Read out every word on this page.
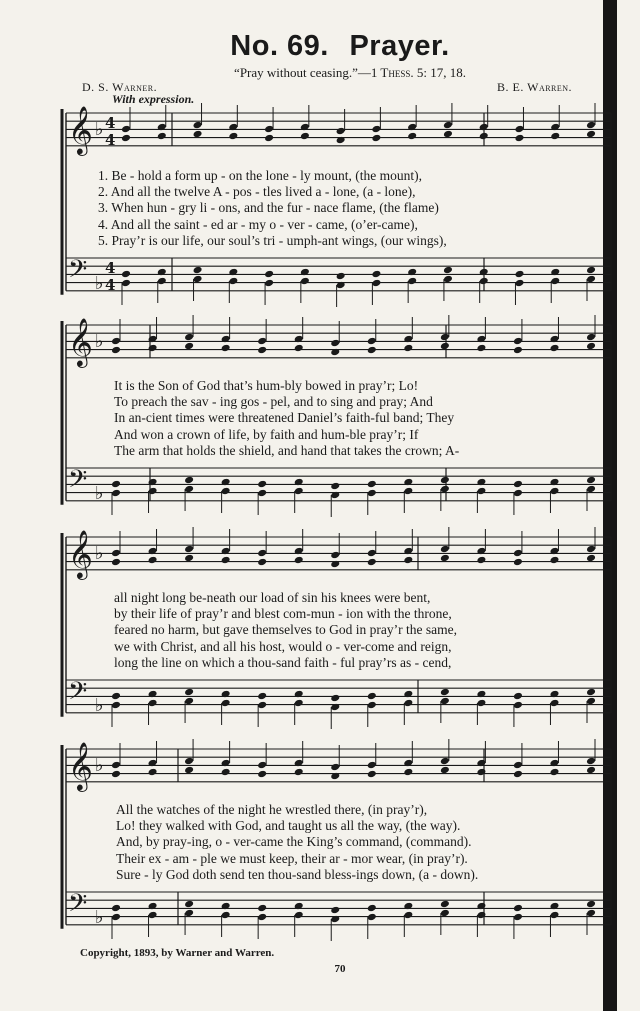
No. 69. Prayer.
“Pray without ceasing.”—1 Thess. 5: 17, 18.
D. S. Warner.	B. E. Warren.
With expression.
𝄞 ♭ 4
4
𝄢 ♭
4
4
1. Be - hold a form up - on the lone - ly mount, (the mount),
2. And all the twelve A - pos - tles lived a - lone, (a - lone),
3. When hun - gry li - ons, and the fur - nace flame, (the flame)
4. And all the saint - ed ar - my o - ver - came, (o’er-came),
5. Pray’r is our life, our soul’s tri - umph-ant wings, (our wings),
𝄞 ♭
𝄢 ♭
It is the Son of God that’s hum-bly bowed in pray’r; Lo!
To preach the sav - ing gos - pel, and to sing and pray; And
In an-cient times were threatened Daniel’s faith-ful band; They
And won a crown of life, by faith and hum-ble pray’r; If
The arm that holds the shield, and hand that takes the crown; A-
𝄞 ♭
𝄢 ♭
all night long be-neath our load of sin his knees were bent,
by their life of pray’r and blest com-mun - ion with the throne,
feared no harm, but gave themselves to God in pray’r the same,
we with Christ, and all his host, would o - ver-come and reign,
long the line on which a thou-sand faith - ful pray’rs as - cend,
𝄞 ♭
𝄢 ♭
All the watches of the night he wrestled there, (in pray’r),
Lo! they walked with God, and taught us all the way, (the way).
And, by pray-ing, o - ver-came the King’s command, (command).
Their ex - am - ple we must keep, their ar - mor wear, (in pray’r).
Sure - ly God doth send ten thou-sand bless-ings down, (a - down).
Copyright, 1893, by Warner and Warren.
70
